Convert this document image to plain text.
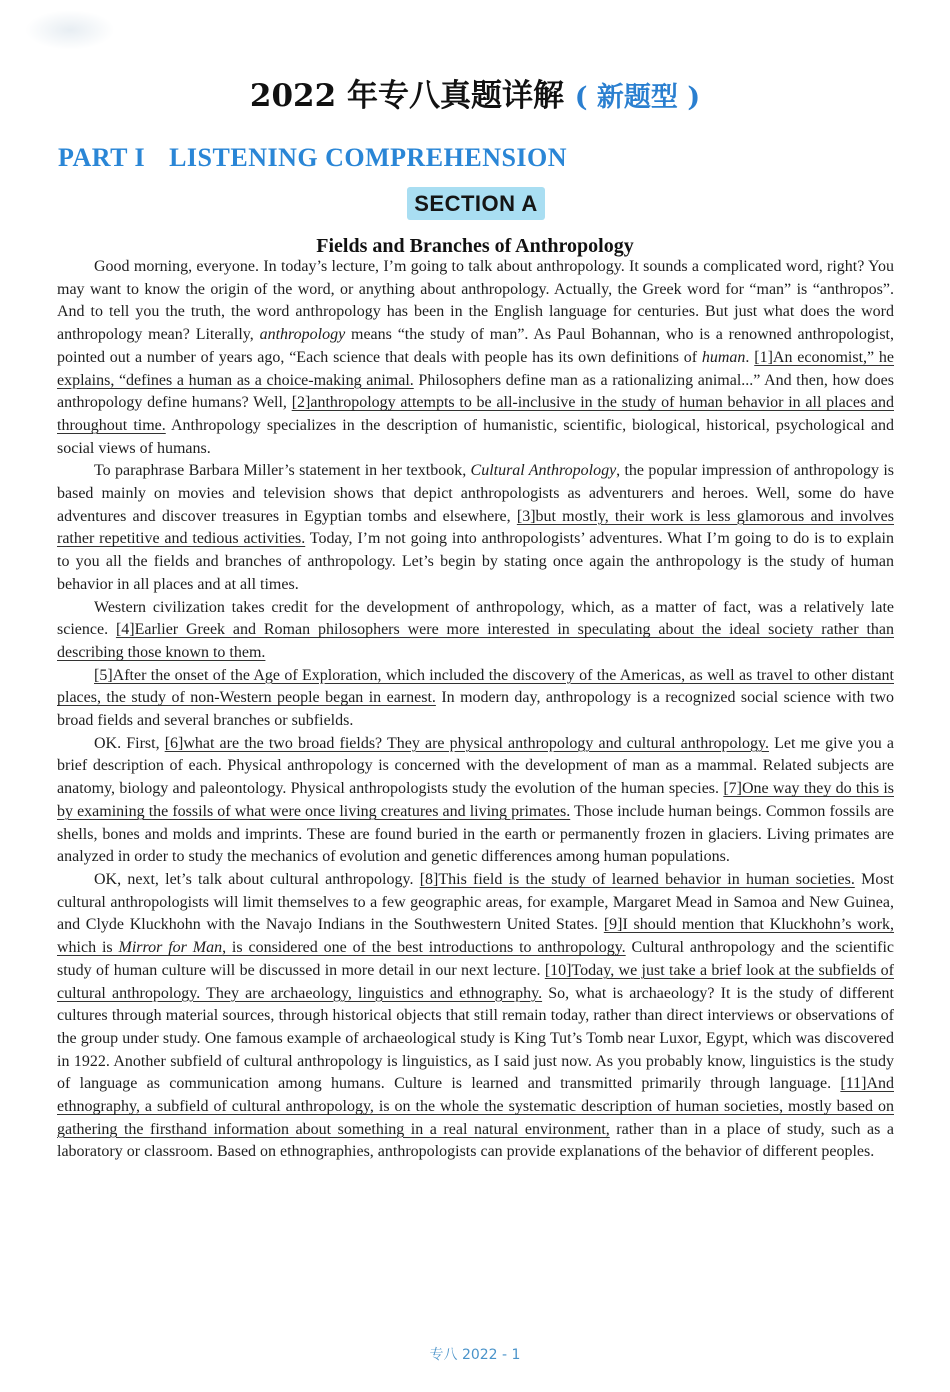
2022 年专八真题详解 ( 新题型 )
PART I LISTENING COMPREHENSION
SECTION A
Fields and Branches of Anthropology

Good morning, everyone. In today’s lecture, I’m going to talk about anthropology. It sounds a complicated word, right? You may want to know the origin of the word, or anything about anthropology. Actually, the Greek word for “man” is “anthropos”. And to tell you the truth, the word anthropology has been in the English language for centuries. But just what does the word anthropology mean? Literally, anthropology means “the study of man”. As Paul Bohannan, who is a renowned anthropologist, pointed out a number of years ago, “Each science that deals with people has its own definitions of human. [1]An economist,” he explains, “defines a human as a choice-making animal. Philosophers define man as a rationalizing animal...” And then, how does anthropology define humans? Well, [2]anthropology attempts to be all-inclusive in the study of human behavior in all places and throughout time. Anthropology specializes in the description of humanistic, scientific, biological, historical, psychological and social views of humans.

To paraphrase Barbara Miller’s statement in her textbook, Cultural Anthropology, the popular impression of anthropology is based mainly on movies and television shows that depict anthropologists as adventurers and heroes. Well, some do have adventures and discover treasures in Egyptian tombs and elsewhere, [3]but mostly, their work is less glamorous and involves rather repetitive and tedious activities. Today, I’m not going into anthropologists’ adventures. What I’m going to do is to explain to you all the fields and branches of anthropology. Let’s begin by stating once again the anthropology is the study of human behavior in all places and at all times.

Western civilization takes credit for the development of anthropology, which, as a matter of fact, was a relatively late science. [4]Earlier Greek and Roman philosophers were more interested in speculating about the ideal society rather than describing those known to them.

[5]After the onset of the Age of Exploration, which included the discovery of the Americas, as well as travel to other distant places, the study of non-Western people began in earnest. In modern day, anthropology is a recognized social science with two broad fields and several branches or subfields.

OK. First, [6]what are the two broad fields? They are physical anthropology and cultural anthropology. Let me give you a brief description of each. Physical anthropology is concerned with the development of man as a mammal. Related subjects are anatomy, biology and paleontology. Physical anthropologists study the evolution of the human species. [7]One way they do this is by examining the fossils of what were once living creatures and living primates. Those include human beings. Common fossils are shells, bones and molds and imprints. These are found buried in the earth or permanently frozen in glaciers. Living primates are analyzed in order to study the mechanics of evolution and genetic differences among human populations.

OK, next, let’s talk about cultural anthropology. [8]This field is the study of learned behavior in human societies. Most cultural anthropologists will limit themselves to a few geographic areas, for example, Margaret Mead in Samoa and New Guinea, and Clyde Kluckhohn with the Navajo Indians in the Southwestern United States. [9]I should mention that Kluckhohn’s work, which is Mirror for Man, is considered one of the best introductions to anthropology. Cultural anthropology and the scientific study of human culture will be discussed in more detail in our next lecture. [10]Today, we just take a brief look at the subfields of cultural anthropology. They are archaeology, linguistics and ethnography. So, what is archaeology? It is the study of different cultures through material sources, through historical objects that still remain today, rather than direct interviews or observations of the group under study. One famous example of archaeological study is King Tut’s Tomb near Luxor, Egypt, which was discovered in 1922. Another subfield of cultural anthropology is linguistics, as I said just now. As you probably know, linguistics is the study of language as communication among humans. Culture is learned and transmitted primarily through language. [11]And ethnography, a subfield of cultural anthropology, is on the whole the systematic description of human societies, mostly based on gathering the firsthand information about something in a real natural environment, rather than in a place of study, such as a laboratory or classroom. Based on ethnographies, anthropologists can provide explanations of the behavior of different peoples.

专八 2022 - 1
